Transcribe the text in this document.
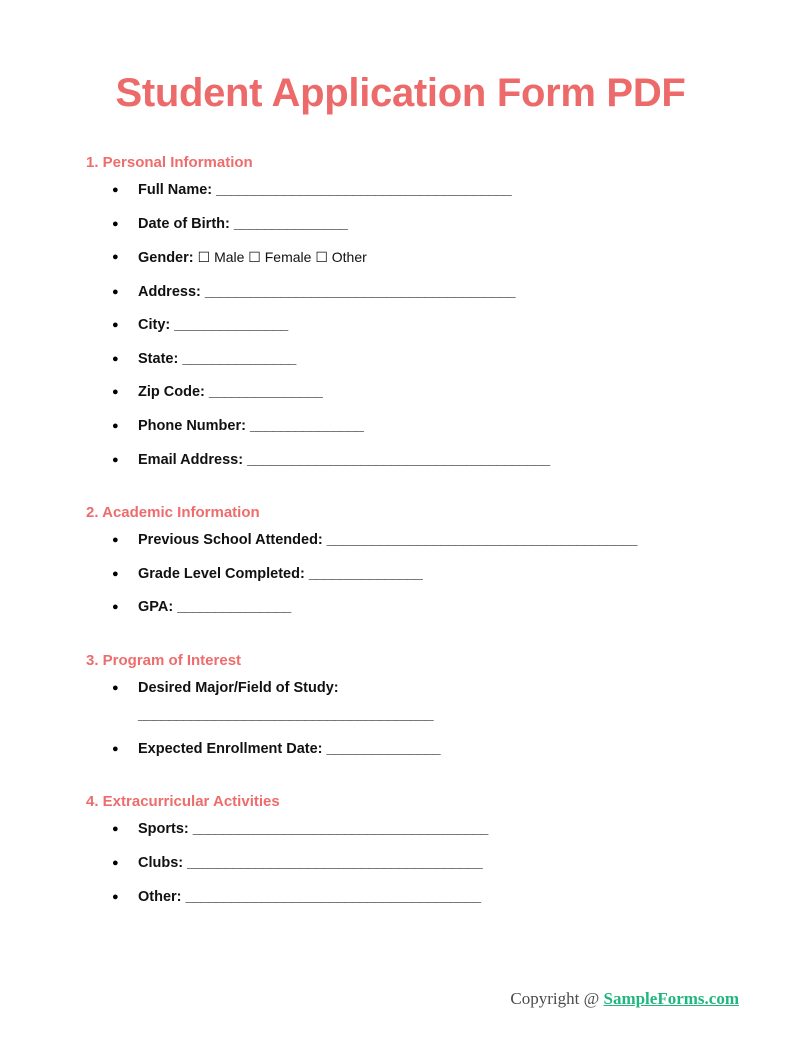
Student Application Form PDF
1. Personal Information
● Full Name: _______________________________________
● Date of Birth: _______________
● Gender: ☐ Male ☐ Female ☐ Other
● Address: _________________________________________
● City: _______________
● State: _______________
● Zip Code: _______________
● Phone Number: _______________
● Email Address: ________________________________________
2. Academic Information
● Previous School Attended: _________________________________________
● Grade Level Completed: _______________
● GPA: _______________
3. Program of Interest
● Desired Major/Field of Study:
_______________________________________
● Expected Enrollment Date: _______________
4. Extracurricular Activities
● Sports: _______________________________________
● Clubs: _______________________________________
● Other: _______________________________________
Copyright @ SampleForms.com
